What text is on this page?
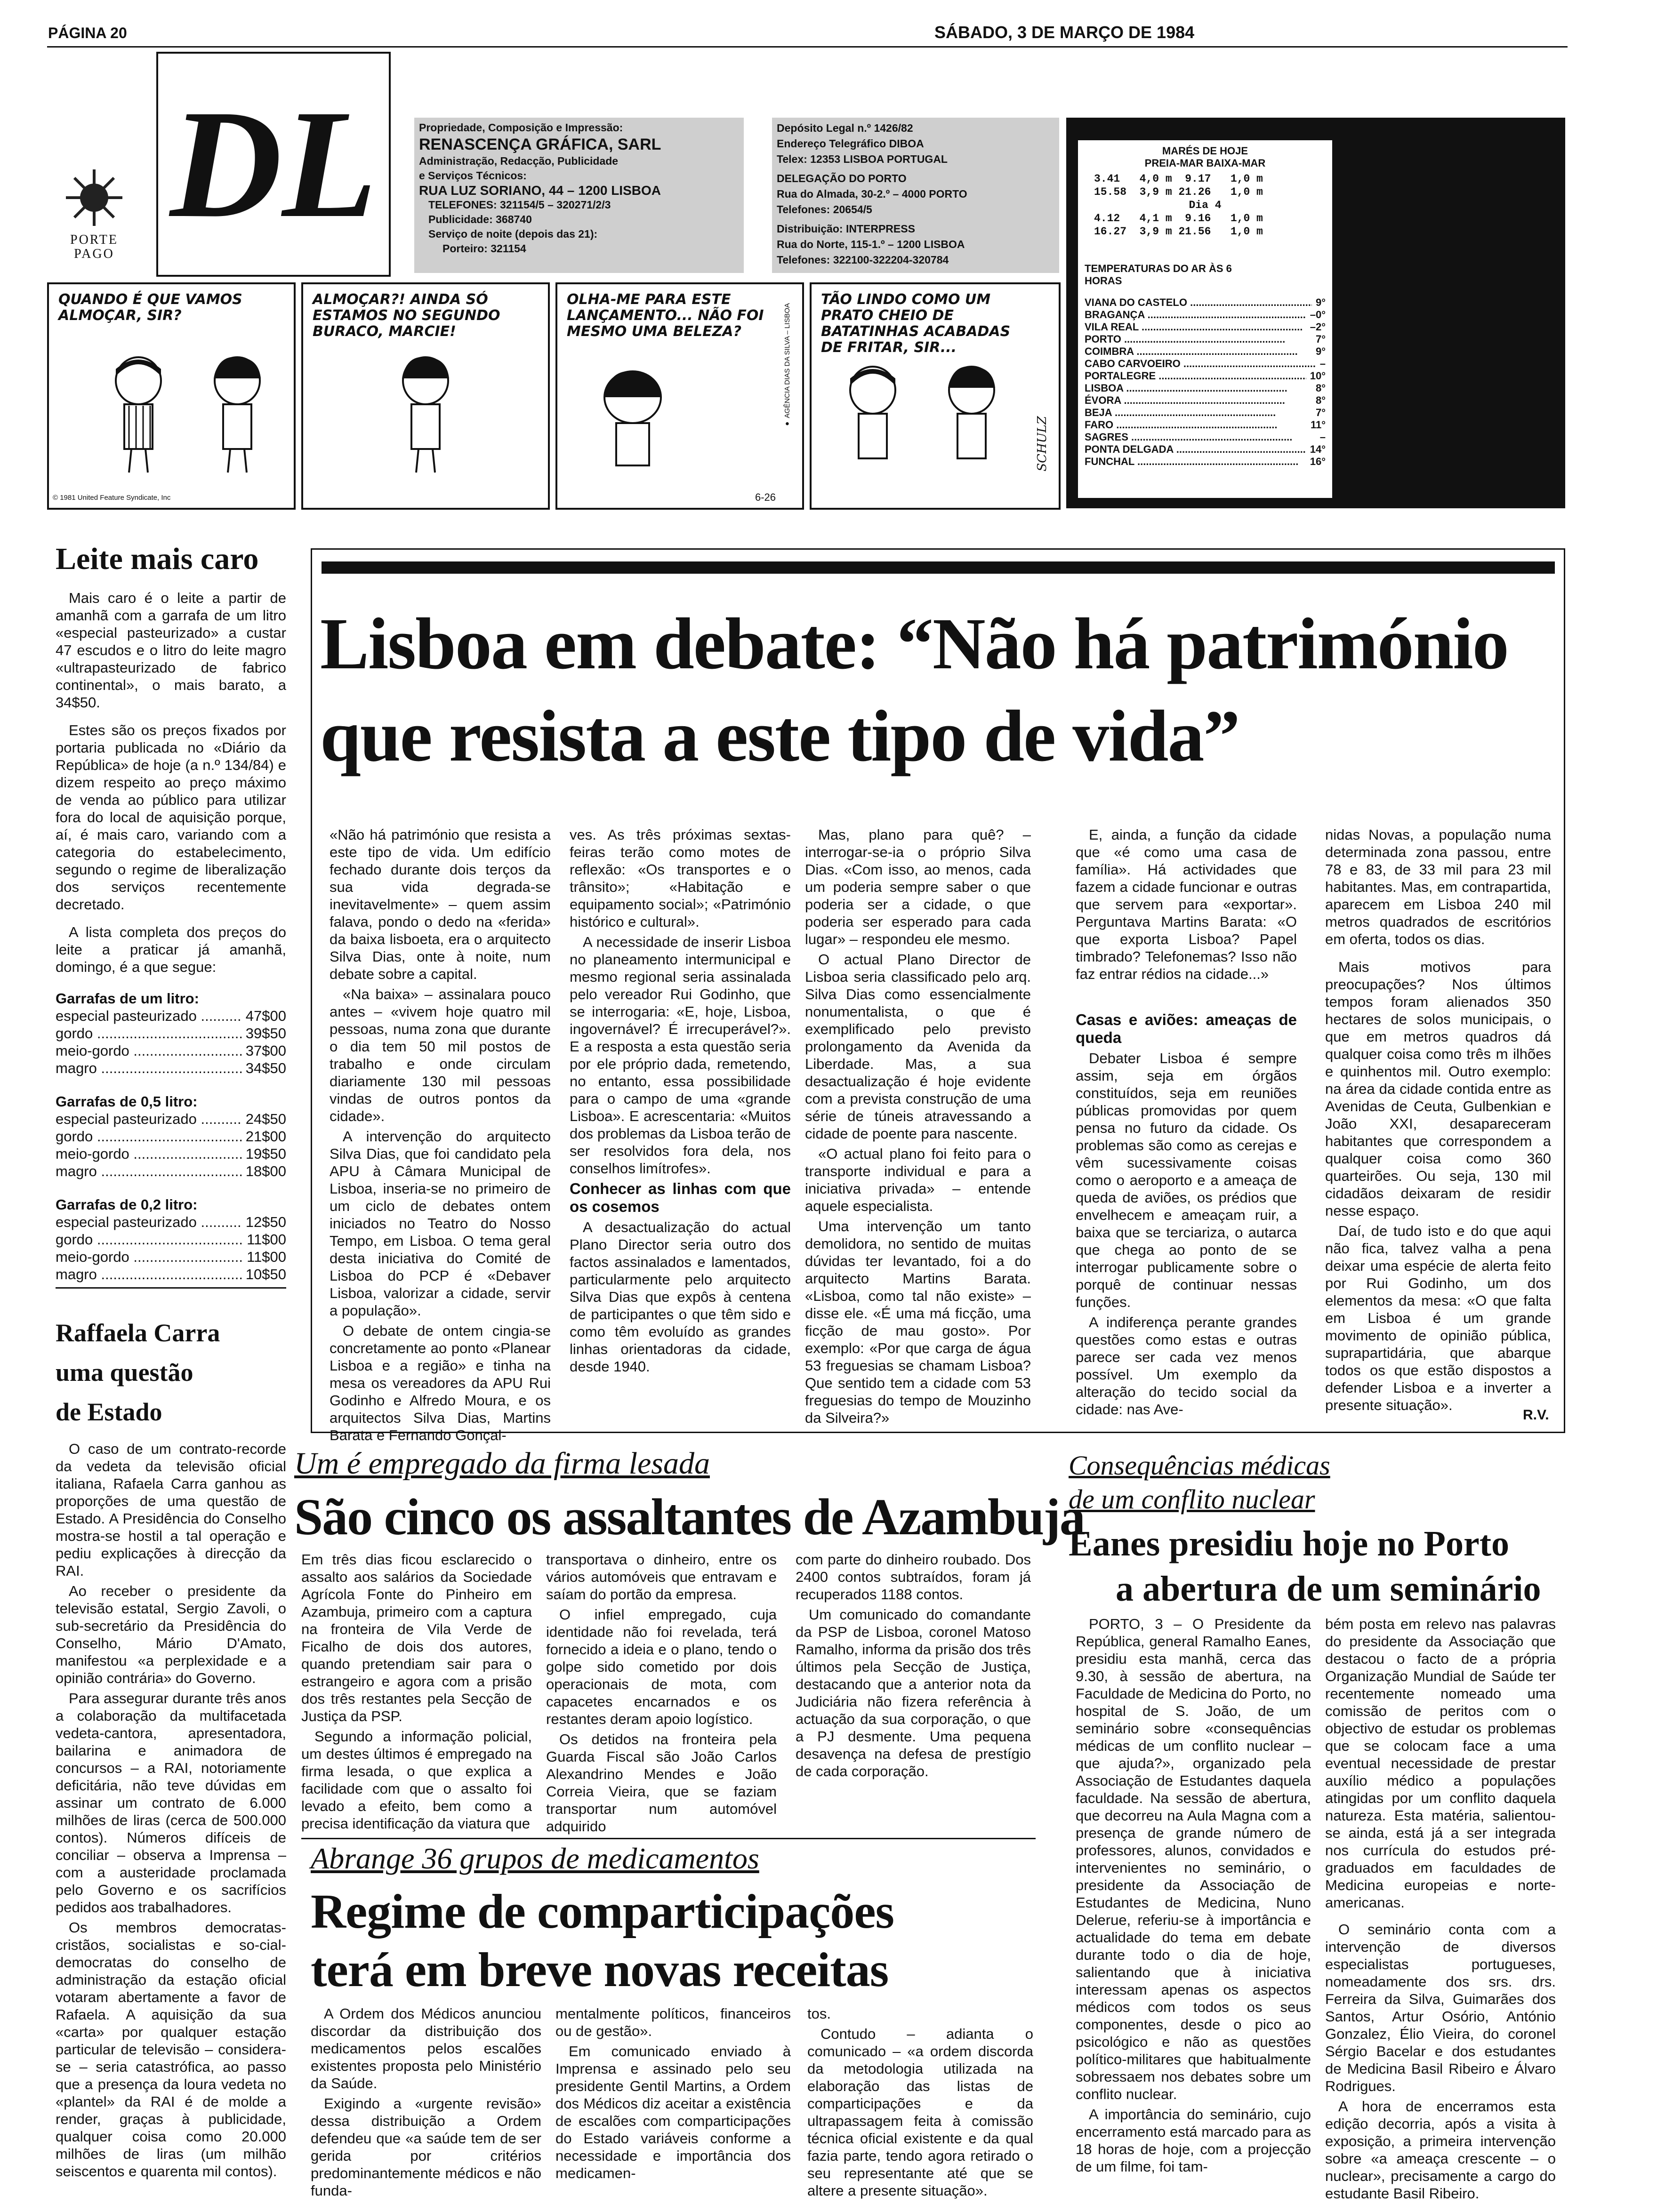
PÁGINA 20	SÁBADO, 3 DE MARÇO DE 1984
PORTE
PAGO
DL	Propriedade, Composição e Impressão:
RENASCENÇA GRÁFICA, SARL
Administração, Redacção, Publicidade
e Serviços Técnicos:
RUA LUZ SORIANO, 44 – 1200 LISBOA
TELEFONES: 321154/5 – 320271/2/3
Publicidade: 368740
Serviço de noite (depois das 21):
Porteiro: 321154
Depósito Legal n.º 1426/82
Endereço Telegráfico DIBOA
Telex: 12353 LISBOA PORTUGAL
DELEGAÇÃO DO PORTO
Rua do Almada, 30-2.º – 4000 PORTO
Telefones: 20654/5
Distribuição: INTERPRESS
Rua do Norte, 115-1.º – 1200 LISBOA
Telefones: 322100-322204-320784
MARÉS DE HOJE
PREIA-MAR BAIXA-MAR
3.41   4,0 m  9.17   1,0 m
15.58  3,9 m 21.26   1,0 m
Dia 4
4.12   4,1 m  9.16   1,0 m
16.27  3,9 m 21.56   1,0 m
TEMPERATURAS DO AR ÀS 6 HORAS
VIANA DO CASTELO .....	9°
BRAGANÇA .....	–0°
VILA REAL .....	–2°
PORTO .....	7°
COIMBRA .....	9°
CABO CARVOEIRO .....	–
PORTALEGRE .....	10°
LISBOA .....	8°
ÉVORA .....	8°
BEJA .....	7°
FARO .....	11°
SAGRES .....	–
PONTA DELGADA .....	14°
FUNCHAL .....	16°
QUANDO É QUE VAMOS ALMOÇAR, SIR?
© 1981 United Feature Syndicate, Inc
ALMOÇAR?! AINDA SÓ ESTAMOS NO SEGUNDO BURACO, MARCIE!
OLHA-ME PARA ESTE LANÇAMENTO... NÃO FOI MESMO UMA BELEZA?	● AGÊNCIA DIAS DA SILVA – LISBOA
6-26
TÃO LINDO COMO UM PRATO CHEIO DE BATATINHAS ACABADAS DE FRITAR, SIR...
SCHULZ
Leite mais caro

Mais caro é o leite a partir de amanhã com a garrafa de um litro «especial pasteurizado» a custar 47 escudos e o litro do leite magro «ultrapasteurizado de fabrico continental», o mais barato, a 34$50.

Estes são os preços fixados por portaria publicada no «Diário da República» de hoje (a n.º 134/84) e dizem respeito ao preço máximo de venda ao público para utilizar fora do local de aquisição porque, aí, é mais caro, variando com a categoria do estabelecimento, segundo o regime de liberalização dos serviços recentemente decretado.

A lista completa dos preços do leite a praticar já amanhã, domingo, é a que segue:

Garrafas de um litro:
especial pasteurizado .....	47$00
gordo .....	39$50
meio-gordo .....	37$00
magro .....	34$50
Garrafas de 0,5 litro:
especial pasteurizado .....	24$50
gordo .....	21$00
meio-gordo .....	19$50
magro .....	18$00
Garrafas de 0,2 litro:
especial pasteurizado .....	12$50
gordo .....	11$00
meio-gordo .....	11$00
magro .....	10$50
Raffaela Carra
uma questão
de Estado

O caso de um contrato-recorde da vedeta da televisão oficial italiana, Rafaela Carra ganhou as proporções de uma questão de Estado. A Presidência do Conselho mostra-se hostil a tal operação e pediu explicações à direcção da RAI.

Ao receber o presidente da televisão estatal, Sergio Zavoli, o sub-secretário da Presidência do Conselho, Mário D'Amato, manifestou «a perplexidade e a opinião contrária» do Governo.

Para assegurar durante três anos a colaboração da multifacetada vedeta-cantora, apresentadora, bailarina e animadora de concursos – a RAI, notoriamente deficitária, não teve dúvidas em assinar um contrato de 6.000 milhões de liras (cerca de 500.000 contos). Números difíceis de conciliar – observa a Imprensa – com a austeridade proclamada pelo Governo e os sacrifícios pedidos aos trabalhadores.

Os membros democratas-cristãos, socialistas e so-cial-democratas do conselho de administração da estação oficial votaram abertamente a favor de Rafaela. A aquisição da sua «carta» por qualquer estação particular de televisão – considera-se – seria catastrófica, ao passo que a presença da loura vedeta no «plantel» da RAI é de molde a render, graças à publicidade, qualquer coisa como 20.000 milhões de liras (um milhão seiscentos e quarenta mil contos).

Lisboa em debate: “Não há património
que resista a este tipo de vida”

«Não há património que resista a este tipo de vida. Um edifício fechado durante dois terços da sua vida degrada-se inevitavelmente» – quem assim falava, pondo o dedo na «ferida» da baixa lisboeta, era o arquitecto Silva Dias, onte à noite, num debate sobre a capital.

«Na baixa» – assinalara pouco antes – «vivem hoje quatro mil pessoas, numa zona que durante o dia tem 50 mil postos de trabalho e onde circulam diariamente 130 mil pessoas vindas de outros pontos da cidade».

A intervenção do arquitecto Silva Dias, que foi candidato pela APU à Câmara Municipal de Lisboa, inseria-se no primeiro de um ciclo de debates ontem iniciados no Teatro do Nosso Tempo, em Lisboa. O tema geral desta iniciativa do Comité de Lisboa do PCP é «Debaver Lisboa, valorizar a cidade, servir a população».

O debate de ontem cingia-se concretamente ao ponto «Planear Lisboa e a região» e tinha na mesa os vereadores da APU Rui Godinho e Alfredo Moura, e os arquitectos Silva Dias, Martins Barata e Fernando Gonçal-

ves. As três próximas sextas-feiras terão como motes de reflexão: «Os transportes e o trânsito»; «Habitação e equipamento social»; «Património histórico e cultural».

A necessidade de inserir Lisboa no planeamento intermunicipal e mesmo regional seria assinalada pelo vereador Rui Godinho, que se interrogaria: «E, hoje, Lisboa, ingovernável? É irrecuperável?». E a resposta a esta questão seria por ele próprio dada, remetendo, no entanto, essa possibilidade para o campo de uma «grande Lisboa». E acrescentaria: «Muitos dos problemas da Lisboa terão de ser resolvidos fora dela, nos conselhos limítrofes».

Conhecer as linhas com que os cosemos

A desactualização do actual Plano Director seria outro dos factos assinalados e lamentados, particularmente pelo arquitecto Silva Dias que expôs à centena de participantes o que têm sido e como têm evoluído as grandes linhas orientadoras da cidade, desde 1940.

Mas, plano para quê? – interrogar-se-ia o próprio Silva Dias. «Com isso, ao menos, cada um poderia sempre saber o que poderia ser a cidade, o que poderia ser esperado para cada lugar» – respondeu ele mesmo.

O actual Plano Director de Lisboa seria classificado pelo arq. Silva Dias como essencialmente nonumentalista, o que é exemplificado pelo previsto prolongamento da Avenida da Liberdade. Mas, a sua desactualização é hoje evidente com a prevista construção de uma série de túneis atravessando a cidade de poente para nascente.

«O actual plano foi feito para o transporte individual e para a iniciativa privada» – entende aquele especialista.

Uma intervenção um tanto demolidora, no sentido de muitas dúvidas ter levantado, foi a do arquitecto Martins Barata. «Lisboa, como tal não existe» – disse ele. «É uma má ficção, uma ficção de mau gosto». Por exemplo: «Por que carga de água 53 freguesias se chamam Lisboa? Que sentido tem a cidade com 53 freguesias do tempo de Mouzinho da Silveira?»

E, ainda, a função da cidade que «é como uma casa de família». Há actividades que fazem a cidade funcionar e outras que servem para «exportar». Perguntava Martins Barata: «O que exporta Lisboa? Papel timbrado? Telefonemas? Isso não faz entrar rédios na cidade...»

Casas e aviões: ameaças de queda

Debater Lisboa é sempre assim, seja em órgãos constituídos, seja em reuniões públicas promovidas por quem pensa no futuro da cidade. Os problemas são como as cerejas e vêm sucessivamente coisas como o aeroporto e a ameaça de queda de aviões, os prédios que envelhecem e ameaçam ruir, a baixa que se terciariza, o autarca que chega ao ponto de se interrogar publicamente sobre o porquê de continuar nessas funções.

A indiferença perante grandes questões como estas e outras parece ser cada vez menos possível. Um exemplo da alteração do tecido social da cidade: nas Ave-

nidas Novas, a população numa determinada zona passou, entre 78 e 83, de 33 mil para 23 mil habitantes. Mas, em contrapartida, aparecem em Lisboa 240 mil metros quadrados de escritórios em oferta, todos os dias.

Mais motivos para preocupações? Nos últimos tempos foram alienados 350 hectares de solos municipais, o que em metros quadros dá qualquer coisa como três m ilhões e quinhentos mil. Outro exemplo: na área da cidade contida entre as Avenidas de Ceuta, Gulbenkian e João XXI, desapareceram habitantes que correspondem a qualquer coisa como 360 quarteirões. Ou seja, 130 mil cidadãos deixaram de residir nesse espaço.

Daí, de tudo isto e do que aqui não fica, talvez valha a pena deixar uma espécie de alerta feito por Rui Godinho, um dos elementos da mesa: «O que falta em Lisboa é um grande movimento de opinião pública, suprapartidária, que abarque todos os que estão dispostos a defender Lisboa e a inverter a presente situação».

R.V.
Um é empregado da firma lesada
São cinco os assaltantes de Azambuja

Em três dias ficou esclarecido o assalto aos salários da Sociedade Agrícola Fonte do Pinheiro em Azambuja, primeiro com a captura na fronteira de Vila Verde de Ficalho de dois dos autores, quando pretendiam sair para o estrangeiro e agora com a prisão dos três restantes pela Secção de Justiça da PSP.

Segundo a informação policial, um destes últimos é empregado na firma lesada, o que explica a facilidade com que o assalto foi levado a efeito, bem como a precisa identificação da viatura que

transportava o dinheiro, entre os vários automóveis que entravam e saíam do portão da empresa.

O infiel empregado, cuja identidade não foi revelada, terá fornecido a ideia e o plano, tendo o golpe sido cometido por dois operacionais de mota, com capacetes encarnados e os restantes deram apoio logístico.

Os detidos na fronteira pela Guarda Fiscal são João Carlos Alexandrino Mendes e João Correia Vieira, que se faziam transportar num automóvel adquirido

com parte do dinheiro roubado. Dos 2400 contos subtraídos, foram já recuperados 1188 contos.

Um comunicado do comandante da PSP de Lisboa, coronel Matoso Ramalho, informa da prisão dos três últimos pela Secção de Justiça, destacando que a anterior nota da Judiciária não fizera referência à actuação da sua corporação, o que a PJ desmente. Uma pequena desavença na defesa de prestígio de cada corporação.

Abrange 36 grupos de medicamentos
Regime de comparticipações
terá em breve novas receitas

A Ordem dos Médicos anunciou discordar da distribuição dos medicamentos pelos escalões existentes proposta pelo Ministério da Saúde.

Exigindo a «urgente revisão» dessa distribuição a Ordem defendeu que «a saúde tem de ser gerida por critérios predominantemente médicos e não funda-

mentalmente políticos, financeiros ou de gestão».

Em comunicado enviado à Imprensa e assinado pelo seu presidente Gentil Martins, a Ordem dos Médicos diz aceitar a existência de escalões com comparticipações do Estado variáveis conforme a necessidade e importância dos medicamen-

tos.

Contudo – adianta o comunicado – «a ordem discorda da metodologia utilizada na elaboração das listas de comparticipações e da ultrapassagem feita à comissão técnica oficial existente e da qual fazia parte, tendo agora retirado o seu representante até que se altere a presente situação».

Consequências médicas
de um conflito nuclear
Eanes presidiu hoje no Porto
a abertura de um seminário

PORTO, 3 – O Presidente da República, general Ramalho Eanes, presidiu esta manhã, cerca das 9.30, à sessão de abertura, na Faculdade de Medicina do Porto, no hospital de S. João, de um seminário sobre «consequências médicas de um conflito nuclear – que ajuda?», organizado pela Associação de Estudantes daquela faculdade. Na sessão de abertura, que decorreu na Aula Magna com a presença de grande número de professores, alunos, convidados e intervenientes no seminário, o presidente da Associação de Estudantes de Medicina, Nuno Delerue, referiu-se à importância e actualidade do tema em debate durante todo o dia de hoje, salientando que à iniciativa interessam apenas os aspectos médicos com todos os seus componentes, desde o pico ao psicológico e não as questões político-militares que habitualmente sobressaem nos debates sobre um conflito nuclear.

A importância do seminário, cujo encerramento está marcado para as 18 horas de hoje, com a projecção de um filme, foi tam-

bém posta em relevo nas palavras do presidente da Associação que destacou o facto de a própria Organização Mundial de Saúde ter recentemente nomeado uma comissão de peritos com o objectivo de estudar os problemas que se colocam face a uma eventual necessidade de prestar auxílio médico a populações atingidas por um conflito daquela natureza. Esta matéria, salientou-se ainda, está já a ser integrada nos currícula do estudos pré-graduados em faculdades de Medicina europeias e norte-americanas.

O seminário conta com a intervenção de diversos especialistas portugueses, nomeadamente dos srs. drs. Ferreira da Silva, Guimarães dos Santos, Artur Osório, António Gonzalez, Élio Vieira, do coronel Sérgio Bacelar e dos estudantes de Medicina Basil Ribeiro e Álvaro Rodrigues.

A hora de encerramos esta edição decorria, após a visita à exposição, a primeira intervenção sobre «a ameaça crescente – o nuclear», precisamente a cargo do estudante Basil Ribeiro.
